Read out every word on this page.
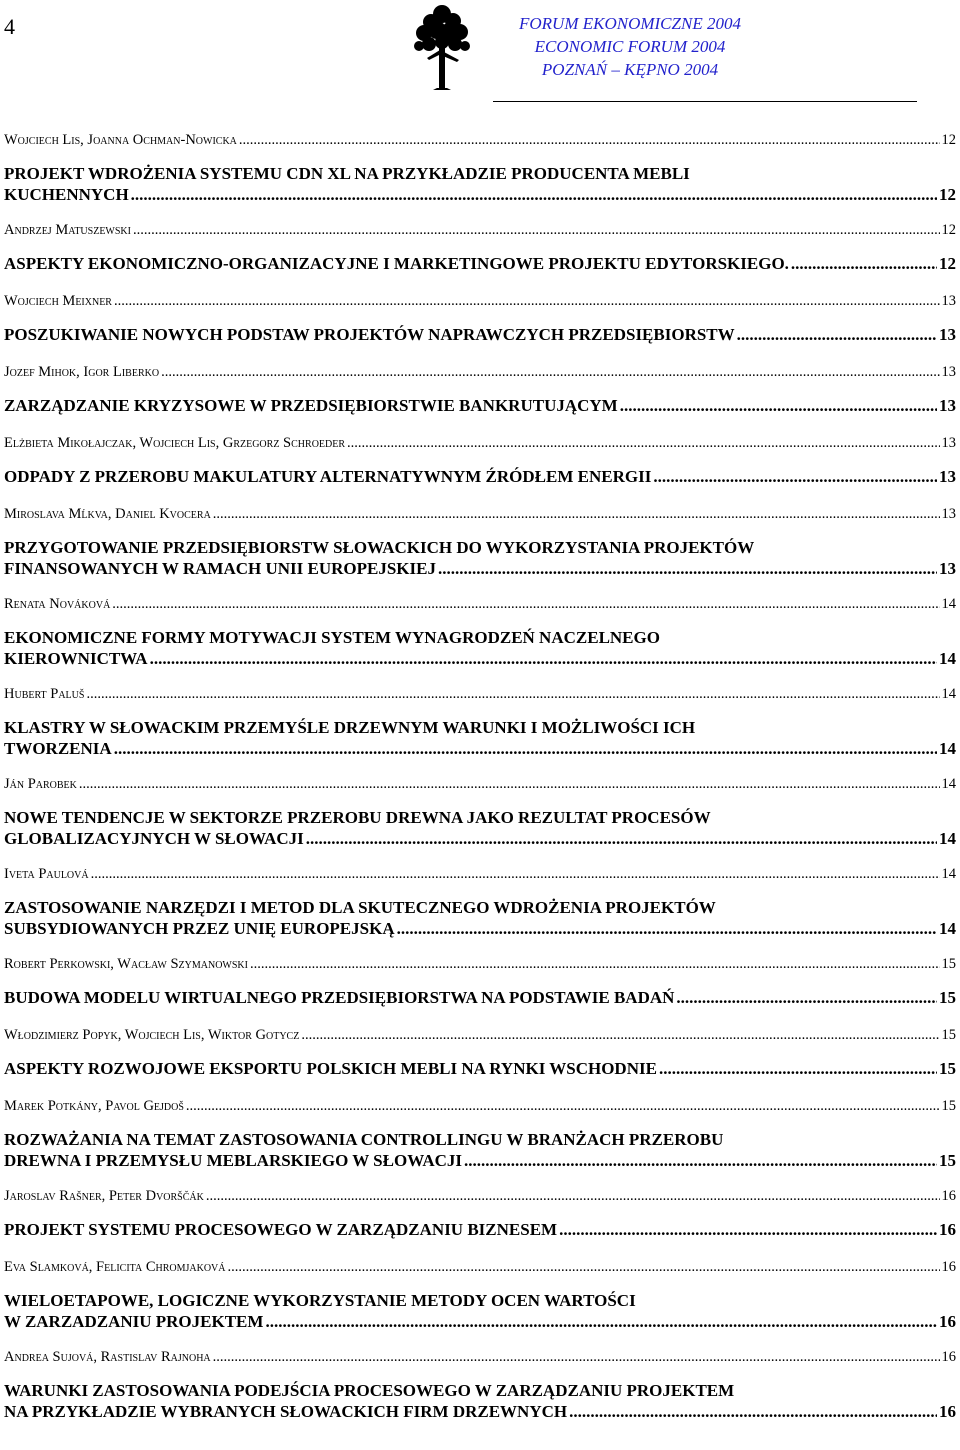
4	FORUM EKONOMICZNE 2004
ECONOMIC FORUM 2004
POZNAŃ – KĘPNO 2004
Wojciech Lis, Joanna Ochman-Nowicka .....	12
PROJEKT WDROŻENIA SYSTEMU CDN XL NA PRZYKŁADZIE PRODUCENTA MEBLI
KUCHENNYCH .....	12
Andrzej Matuszewski .....	12
ASPEKTY EKONOMICZNO-ORGANIZACYJNE I MARKETINGOWE PROJEKTU EDYTORSKIEGO. .....	12
Wojciech Meixner .....	13
POSZUKIWANIE NOWYCH PODSTAW PROJEKTÓW NAPRAWCZYCH PRZEDSIĘBIORSTW .....	13
Jozef Mihok, Igor Liberko .....	13
ZARZĄDZANIE KRYZYSOWE W PRZEDSIĘBIORSTWIE BANKRUTUJĄCYM .....	13
Elżbieta Mikołajczak, Wojciech Lis, Grzegorz Schroeder .....	13
ODPADY Z PRZEROBU MAKULATURY ALTERNATYWNYM ŹRÓDŁEM ENERGII .....	13
Miroslava Mĺkva, Daniel Kvocera .....	13
PRZYGOTOWANIE PRZEDSIĘBIORSTW SŁOWACKICH DO WYKORZYSTANIA PROJEKTÓW
FINANSOWANYCH W RAMACH UNII EUROPEJSKIEJ .....	13
Renata Nováková .....	14
EKONOMICZNE FORMY MOTYWACJI SYSTEM WYNAGRODZEŃ NACZELNEGO
KIEROWNICTWA .....	14
Hubert Paluš .....	14
KLASTRY W SŁOWACKIM PRZEMYŚLE DRZEWNYM WARUNKI I MOŻLIWOŚCI ICH
TWORZENIA .....	14
Ján Parobek .....	14
NOWE TENDENCJE W SEKTORZE PRZEROBU DREWNA JAKO REZULTAT PROCESÓW
GLOBALIZACYJNYCH W SŁOWACJI .....	14
Iveta Paulová .....	14
ZASTOSOWANIE NARZĘDZI I METOD DLA SKUTECZNEGO WDROŻENIA PROJEKTÓW
SUBSYDIOWANYCH PRZEZ UNIĘ EUROPEJSKĄ .....	14
Robert Perkowski, Wacław Szymanowski .....	15
BUDOWA MODELU WIRTUALNEGO PRZEDSIĘBIORSTWA NA PODSTAWIE BADAŃ .....	15
Włodzimierz Popyk, Wojciech Lis, Wiktor Gotycz .....	15
ASPEKTY ROZWOJOWE EKSPORTU POLSKICH MEBLI NA RYNKI WSCHODNIE .....	15
Marek Potkány, Pavol Gejdoš .....	15
ROZWAŻANIA NA TEMAT ZASTOSOWANIA CONTROLLINGU W BRANŻACH PRZEROBU
DREWNA I PRZEMYSŁU MEBLARSKIEGO W SŁOWACJI .....	15
Jaroslav Rašner, Peter Dvorščák .....	16
PROJEKT SYSTEMU PROCESOWEGO W ZARZĄDZANIU BIZNESEM .....	16
Eva Slamková, Felicita Chromjaková .....	16
WIELOETAPOWE, LOGICZNE WYKORZYSTANIE METODY OCEN WARTOŚCI
W ZARZADZANIU PROJEKTEM .....	16
Andrea Sujová, Rastislav Rajnoha .....	16
WARUNKI ZASTOSOWANIA PODEJŚCIA PROCESOWEGO W ZARZĄDZANIU PROJEKTEM
NA PRZYKŁADZIE WYBRANYCH SŁOWACKICH FIRM DRZEWNYCH .....	16
